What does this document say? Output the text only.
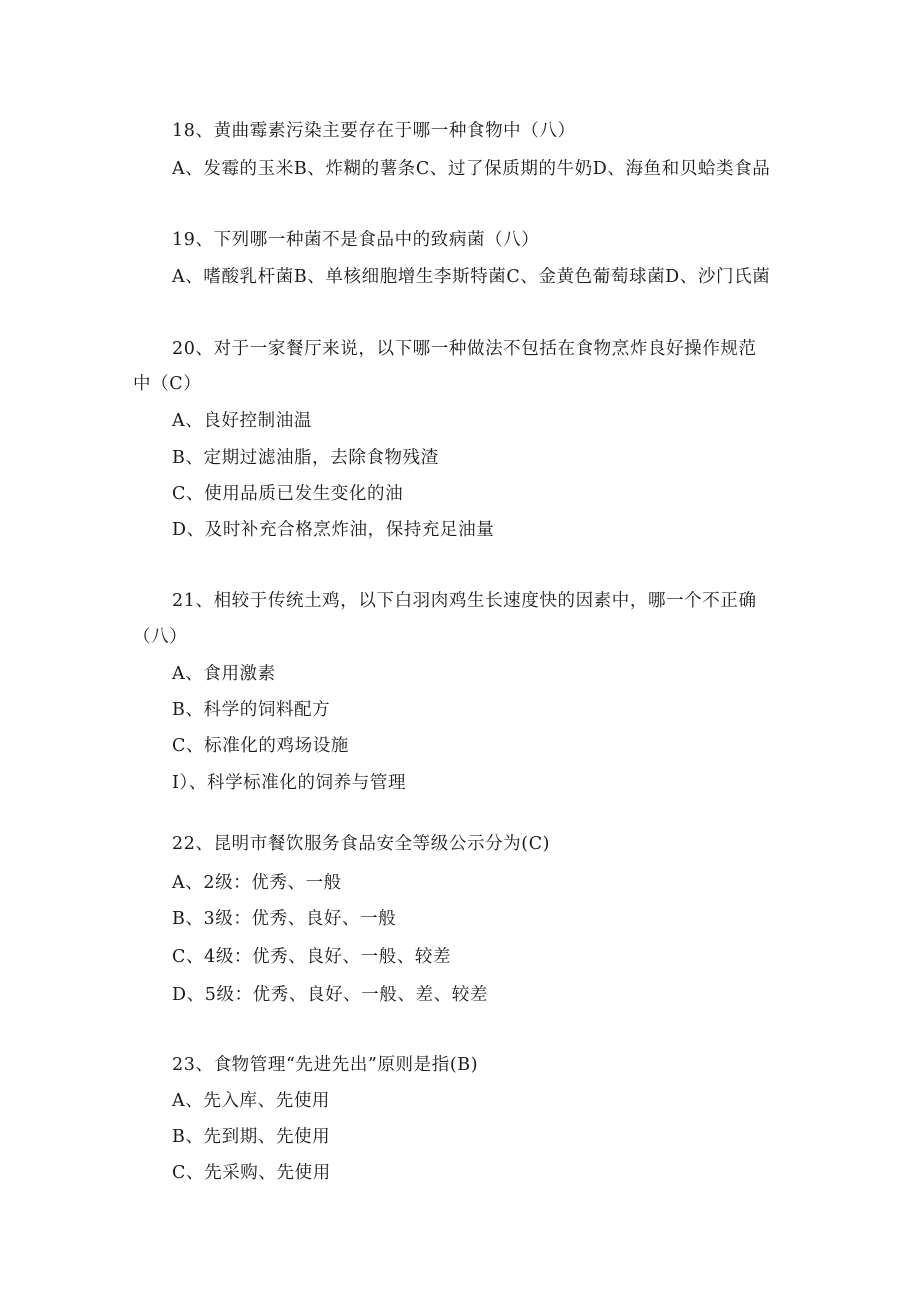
18、黄曲霉素污染主要存在于哪一种食物中（八）
A、发霉的玉米B、炸糊的薯条C、过了保质期的牛奶D、海鱼和贝蛤类食品
19、下列哪一种菌不是食品中的致病菌（八）
A、嗜酸乳杆菌B、单核细胞增生李斯特菌C、金黄色葡萄球菌D、沙门氏菌
20、对于一家餐厅来说，以下哪一种做法不包括在食物烹炸良好操作规范
中（C）
A、良好控制油温
B、定期过滤油脂，去除食物残渣
C、使用品质已发生变化的油
D、及时补充合格烹炸油，保持充足油量
21、相较于传统土鸡，以下白羽肉鸡生长速度快的因素中，哪一个不正确
（八）
A、食用激素
B、科学的饲料配方
C、标准化的鸡场设施
I）、科学标准化的饲养与管理
22、昆明市餐饮服务食品安全等级公示分为(C)
A、2级：优秀、一般
B、3级：优秀、良好、一般
C、4级：优秀、良好、一般、较差
D、5级：优秀、良好、一般、差、较差
23、食物管理“先进先出”原则是指(B)
A、先入库、先使用
B、先到期、先使用
C、先采购、先使用
